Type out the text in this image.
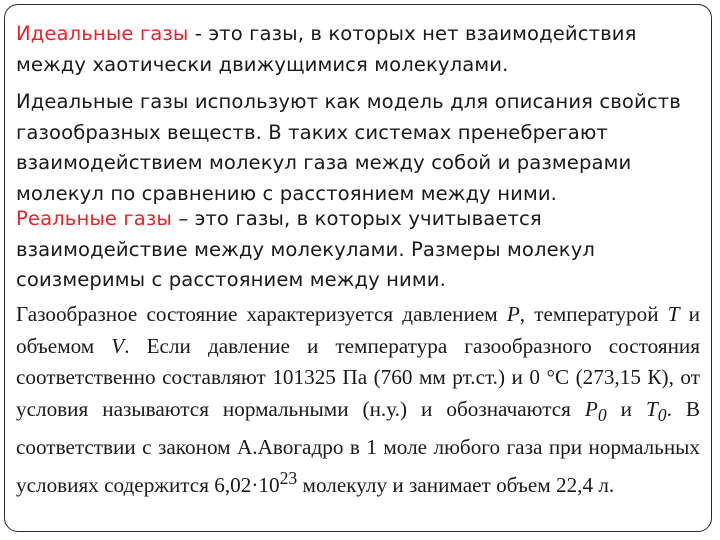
Идеальные газы - это газы, в которых нет взаимодействия между хаотически движущимися молекулами.

Идеальные газы используют как модель для описания свойств газообразных веществ. В таких системах пренебрегают взаимодействием молекул газа между собой и размерами молекул по сравнению с расстоянием между ними.

Реальные газы – это газы, в которых учитывается взаимодействие между молекулами. Размеры молекул соизмеримы с расстоянием между ними.

Газообразное состояние характеризуется давлением P, температурой T и объемом V. Если давление и температура газообразного состояния соответственно составляют 101325 Па (760 мм рт.ст.) и 0 °С (273,15 К), от условия называются нормальными (н.у.) и обозначаются $P_0$ и $T_0$. В соответствии с законом А.Авогадро в 1 моле любого газа при нормальных условиях содержится $6,02\cdot 10^{23}$ молекулу и занимает объем 22,4 л.
